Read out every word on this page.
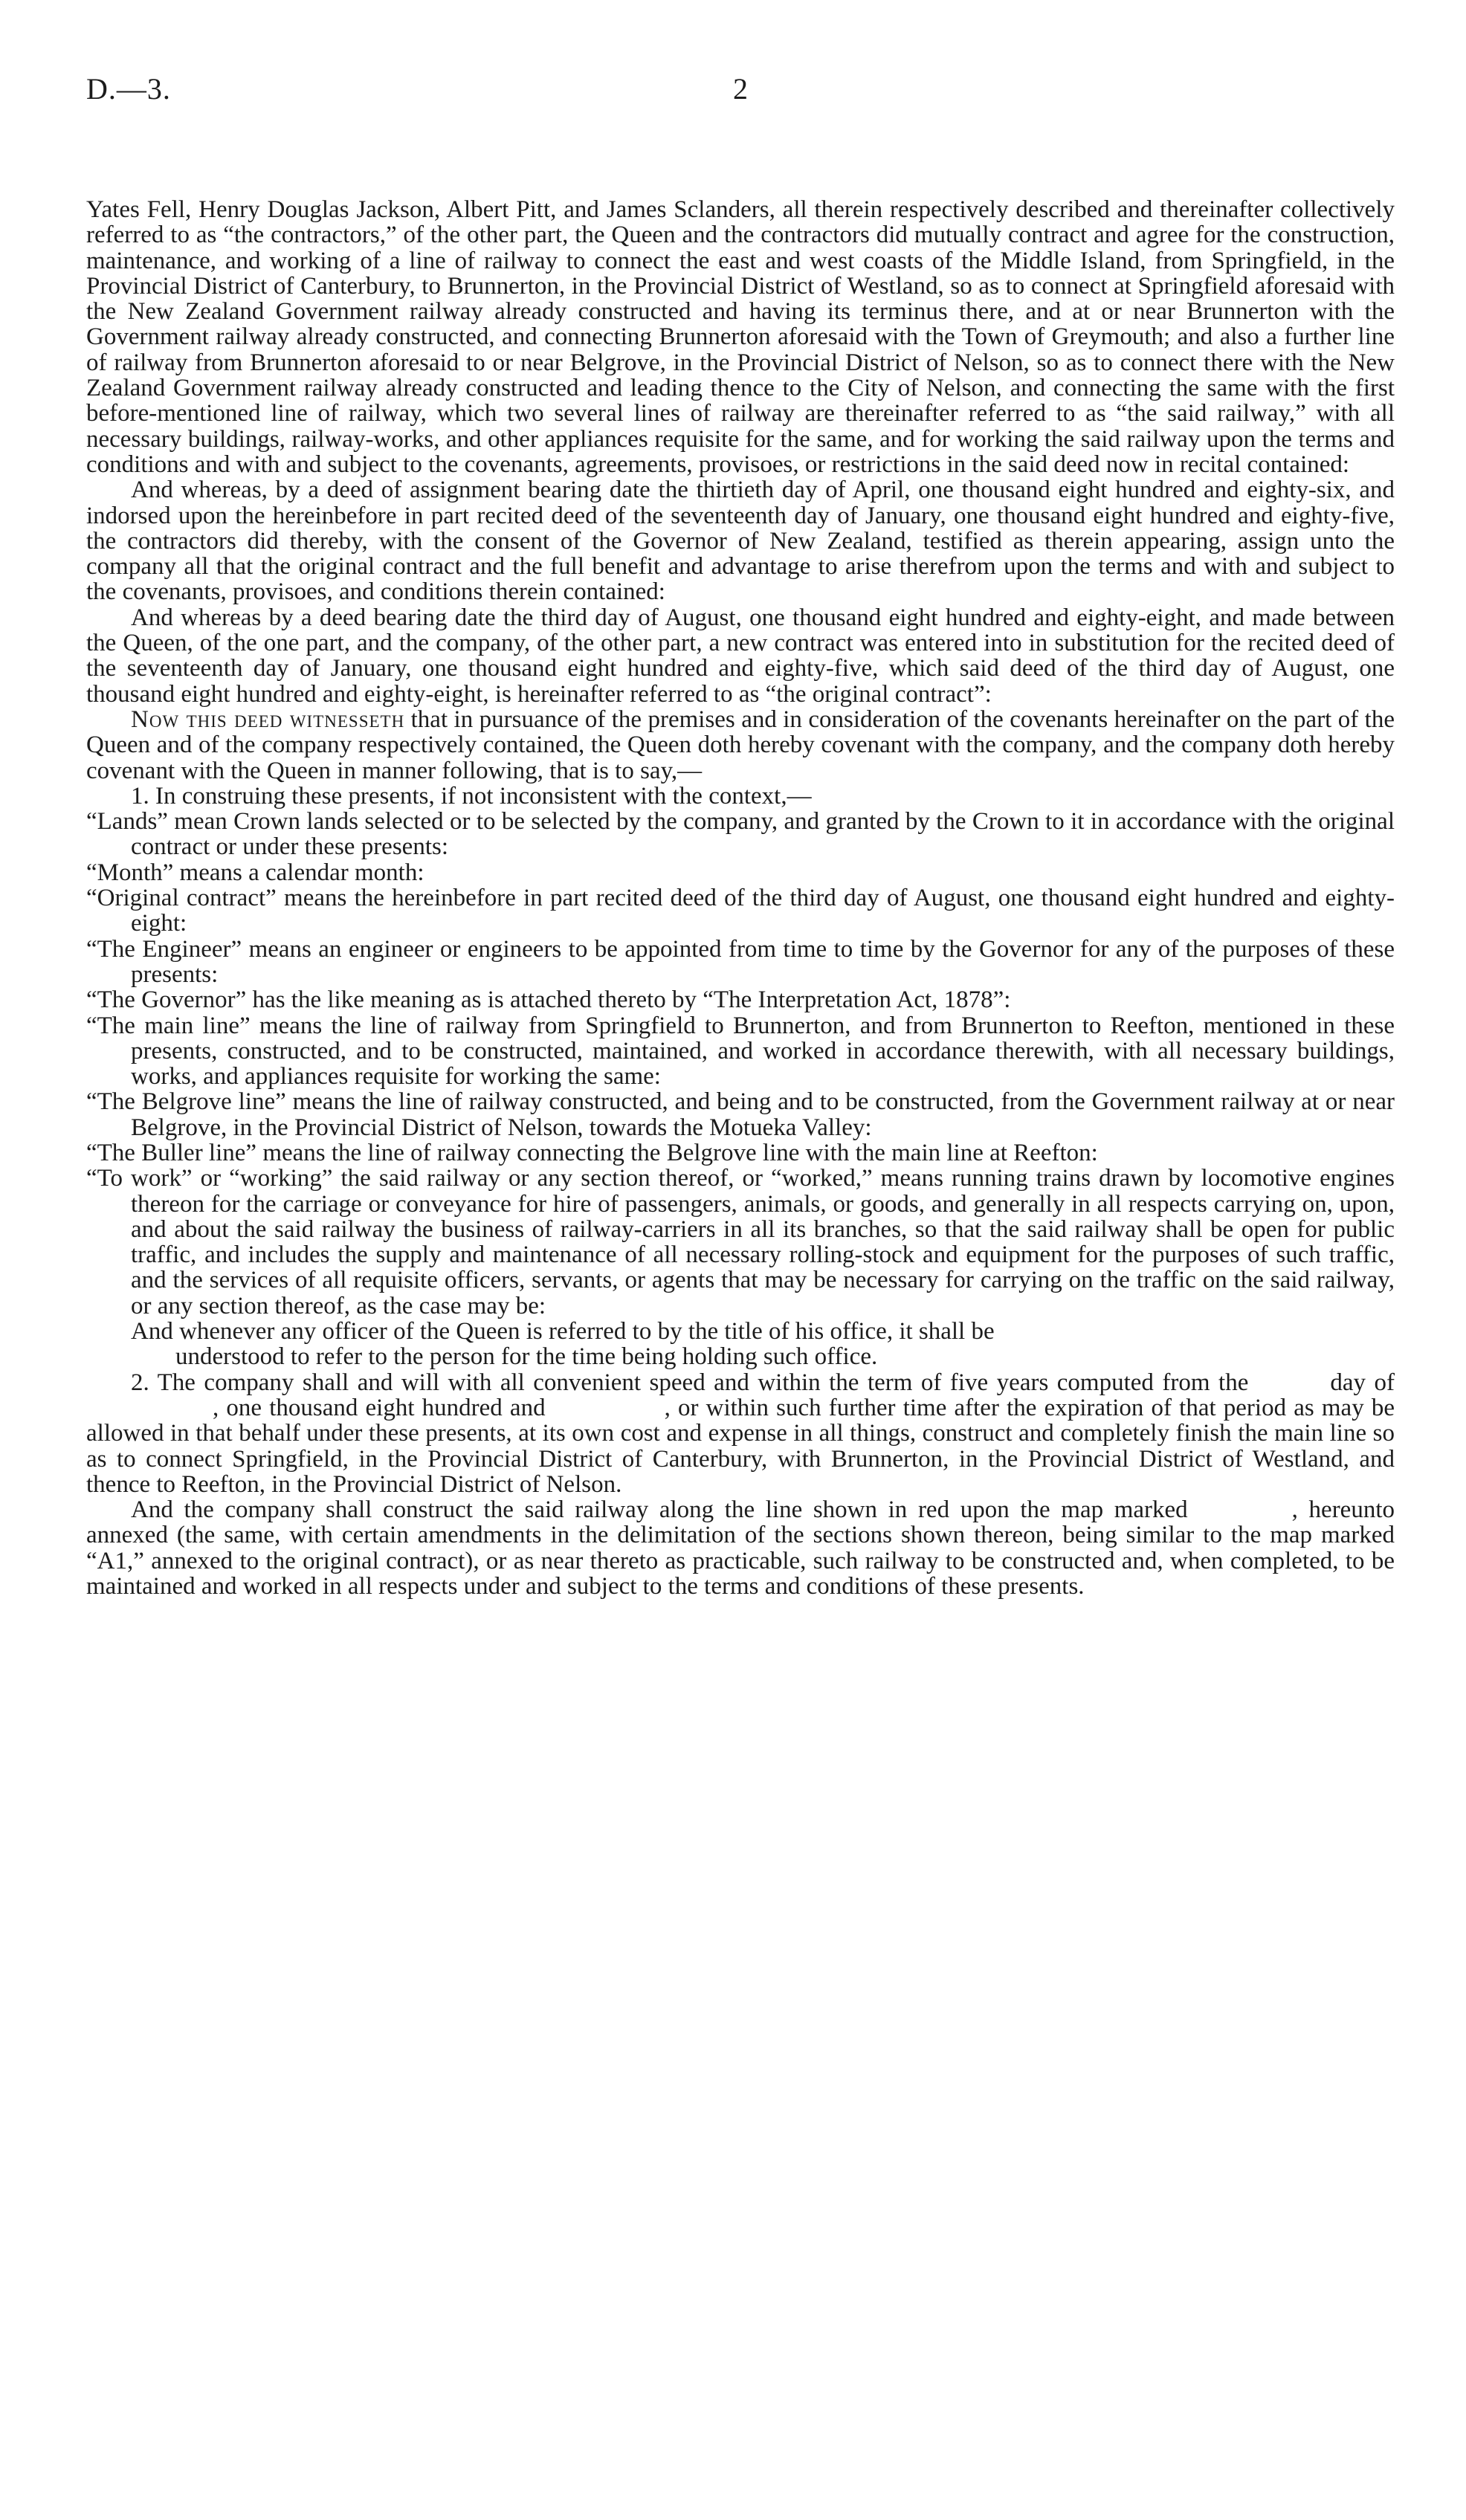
D.—3.	2

Yates Fell, Henry Douglas Jackson, Albert Pitt, and James Sclanders, all therein respectively described and thereinafter collectively referred to as “the contractors,” of the other part, the Queen and the contractors did mutually contract and agree for the construction, maintenance, and working of a line of railway to connect the east and west coasts of the Middle Island, from Springfield, in the Provincial District of Canterbury, to Brunnerton, in the Provincial District of Westland, so as to connect at Springfield aforesaid with the New Zealand Government railway already constructed and having its terminus there, and at or near Brunnerton with the Government railway already constructed, and connecting Brunnerton aforesaid with the Town of Greymouth; and also a further line of railway from Brunnerton aforesaid to or near Belgrove, in the Provincial District of Nelson, so as to connect there with the New Zealand Government railway already constructed and leading thence to the City of Nelson, and connecting the same with the first before-mentioned line of railway, which two several lines of railway are thereinafter referred to as “the said railway,” with all necessary buildings, railway-works, and other appliances requisite for the same, and for working the said railway upon the terms and conditions and with and subject to the covenants, agreements, provisoes, or restrictions in the said deed now in recital contained:

And whereas, by a deed of assignment bearing date the thirtieth day of April, one thousand eight hundred and eighty-six, and indorsed upon the hereinbefore in part recited deed of the seventeenth day of January, one thousand eight hundred and eighty-five, the contractors did thereby, with the consent of the Governor of New Zealand, testified as therein appearing, assign unto the company all that the original contract and the full benefit and advantage to arise therefrom upon the terms and with and subject to the covenants, provisoes, and conditions therein contained:

And whereas by a deed bearing date the third day of August, one thousand eight hundred and eighty-eight, and made between the Queen, of the one part, and the company, of the other part, a new contract was entered into in substitution for the recited deed of the seventeenth day of January, one thousand eight hundred and eighty-five, which said deed of the third day of August, one thousand eight hundred and eighty-eight, is hereinafter referred to as “the original contract”:

Now this deed witnesseth that in pursuance of the premises and in consideration of the covenants hereinafter on the part of the Queen and of the company respectively contained, the Queen doth hereby covenant with the company, and the company doth hereby covenant with the Queen in manner following, that is to say,—

1. In construing these presents, if not inconsistent with the context,—

“Lands” mean Crown lands selected or to be selected by the company, and granted by the Crown to it in accordance with the original contract or under these presents:

“Month” means a calendar month:

“Original contract” means the hereinbefore in part recited deed of the third day of August, one thousand eight hundred and eighty-eight:

“The Engineer” means an engineer or engineers to be appointed from time to time by the Governor for any of the purposes of these presents:

“The Governor” has the like meaning as is attached thereto by “The Interpretation Act, 1878”:

“The main line” means the line of railway from Springfield to Brunnerton, and from Brunnerton to Reefton, mentioned in these presents, constructed, and to be constructed, maintained, and worked in accordance therewith, with all necessary buildings, works, and appliances requisite for working the same:

“The Belgrove line” means the line of railway constructed, and being and to be constructed, from the Government railway at or near Belgrove, in the Provincial District of Nelson, towards the Motueka Valley:

“The Buller line” means the line of railway connecting the Belgrove line with the main line at Reefton:

“To work” or “working” the said railway or any section thereof, or “worked,” means running trains drawn by locomotive engines thereon for the carriage or conveyance for hire of passengers, animals, or goods, and generally in all respects carrying on, upon, and about the said railway the business of railway-carriers in all its branches, so that the said railway shall be open for public traffic, and includes the supply and maintenance of all necessary rolling-stock and equipment for the purposes of such traffic, and the services of all requisite officers, servants, or agents that may be necessary for carrying on the traffic on the said railway, or any section thereof, as the case may be:

And whenever any officer of the Queen is referred to by the title of his office, it shall be
understood to refer to the person for the time being holding such office.

2. The company shall and will with all convenient speed and within the term of five years computed from the	day of, one thousand eight hundred and	, or within such further time after the expiration of that period as may be allowed in that behalf under these presents, at its own cost and expense in all things, construct and completely finish the main line so as to connect Springfield, in the Provincial District of Canterbury, with Brunnerton, in the Provincial District of Westland, and thence to Reefton, in the Provincial District of Nelson.

And the company shall construct the said railway along the line shown in red upon the map marked	, hereunto annexed (the same, with certain amendments in the delimitation of the sections shown thereon, being similar to the map marked “A1,” annexed to the original contract), or as near thereto as practicable, such railway to be constructed and, when completed, to be maintained and worked in all respects under and subject to the terms and conditions of these presents.
